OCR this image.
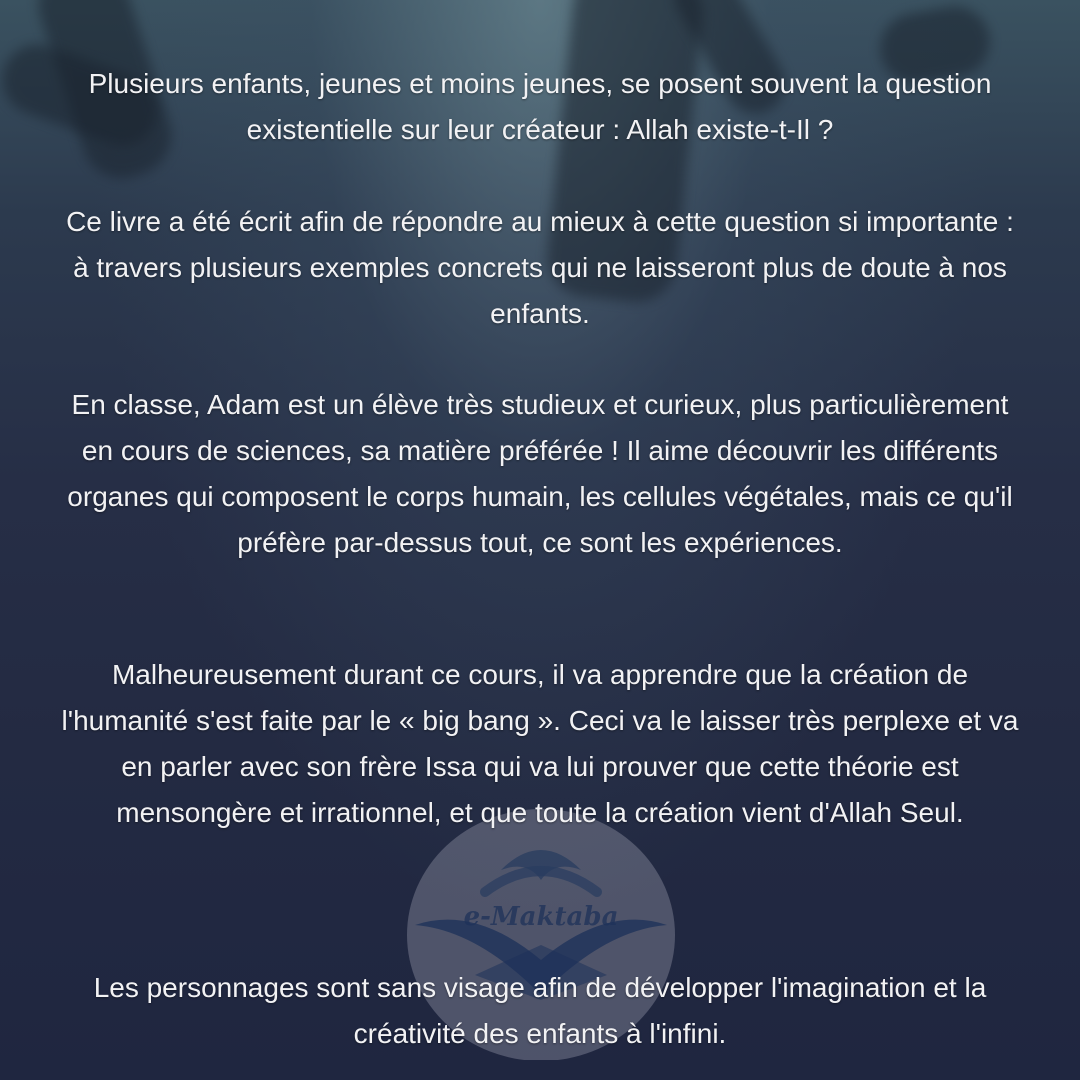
e-Maktaba

Plusieurs enfants, jeunes et moins jeunes, se posent souvent la question existentielle sur leur créateur : Allah existe-t-Il ?

Ce livre a été écrit afin de répondre au mieux à cette question si importante : à travers plusieurs exemples concrets qui ne laisseront plus de doute à nos enfants.

En classe, Adam est un élève très studieux et curieux, plus particulièrement en cours de sciences, sa matière préférée ! Il aime découvrir les différents organes qui composent le corps humain, les cellules végétales, mais ce qu'il préfère par-dessus tout, ce sont les expériences.

Malheureusement durant ce cours, il va apprendre que la création de l'humanité s'est faite par le « big bang ». Ceci va le laisser très perplexe et va en parler avec son frère Issa qui va lui prouver que cette théorie est mensongère et irrationnel, et que toute la création vient d'Allah Seul.

Les personnages sont sans visage afin de développer l'imagination et la créativité des enfants à l'infini.
